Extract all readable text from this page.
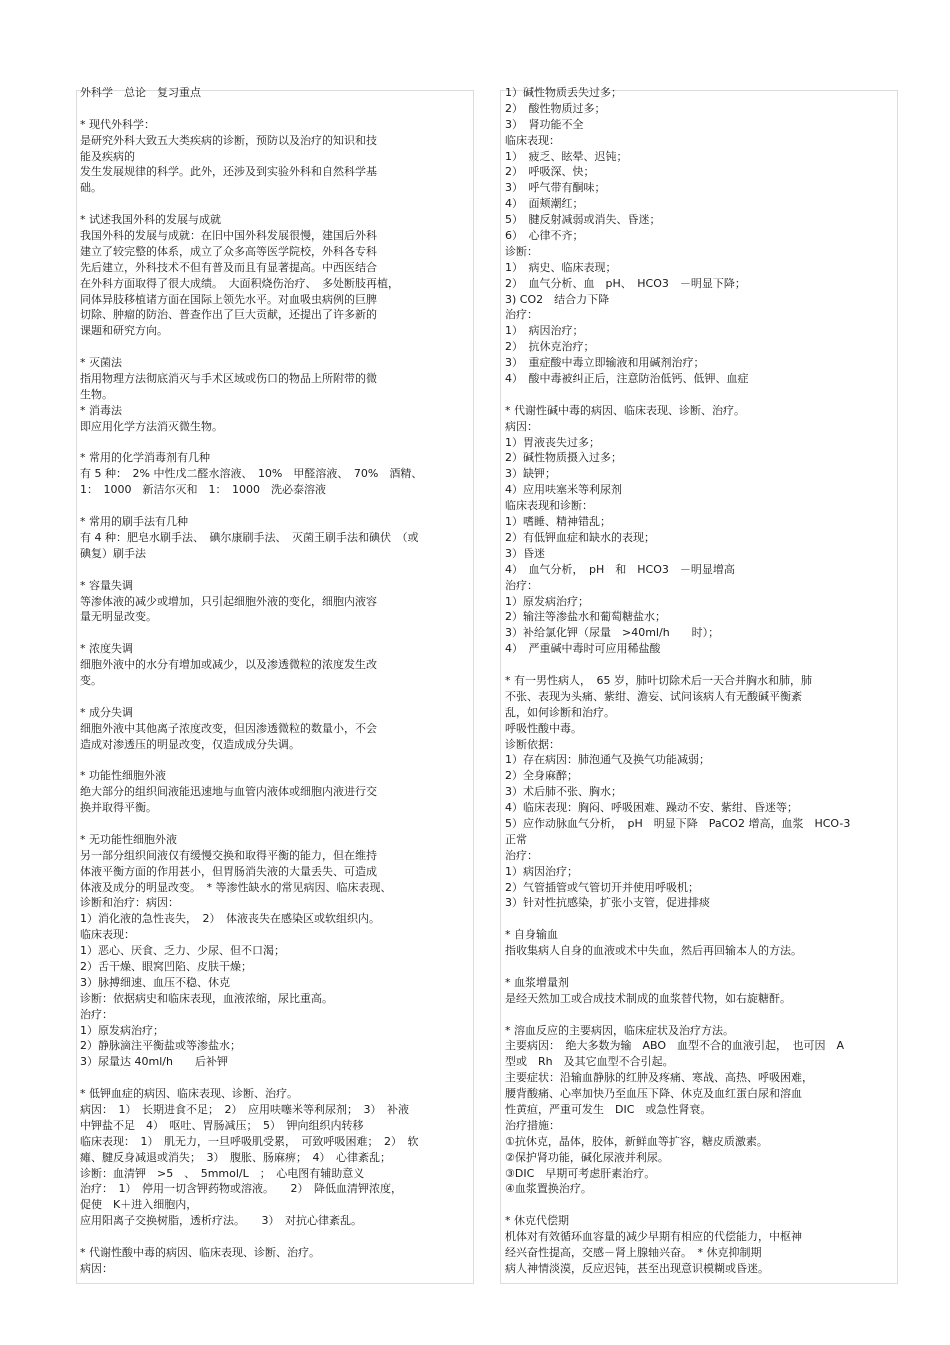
外科学　总论　复习重点
* 现代外科学：
是研究外科大致五大类疾病的诊断，预防以及治疗的知识和技
能及疾病的
发生发展规律的科学。此外，还涉及到实验外科和自然科学基
础。
* 试述我国外科的发展与成就
我国外科的发展与成就：在旧中国外科发展很慢，建国后外科
建立了较完整的体系，成立了众多高等医学院校，外科各专科
先后建立，外科技术不但有普及而且有显著提高。中西医结合
在外科方面取得了很大成绩。　大面积烧伤治疗、　多处断肢再植，
同体异肢移植诸方面在国际上领先水平。对血吸虫病例的巨脾
切除、肿瘤的防治、普查作出了巨大贡献，还提出了许多新的
课题和研究方向。
* 灭菌法
指用物理方法彻底消灭与手术区域或伤口的物品上所附带的微
生物。
* 消毒法
即应用化学方法消灭微生物。
* 常用的化学消毒剂有几种
有 5 种：　2% 中性戊二醛水溶液、　10%　甲醛溶液、　70%　酒精、
1：　1000　新洁尔灭和　1：　1000　洗必泰溶液
* 常用的刷手法有几种
有 4 种：肥皂水刷手法、　碘尔康刷手法、　灭菌王刷手法和碘伏　（或
碘复）刷手法
* 容量失调
等渗体液的减少或增加，只引起细胞外液的变化，细胞内液容
量无明显改变。
* 浓度失调
细胞外液中的水分有增加或减少，以及渗透微粒的浓度发生改
变。
* 成分失调
细胞外液中其他离子浓度改变，但因渗透微粒的数量小，不会
造成对渗透压的明显改变，仅造成成分失调。
* 功能性细胞外液
绝大部分的组织间液能迅速地与血管内液体或细胞内液进行交
换并取得平衡。
* 无功能性细胞外液
另一部分组织间液仅有缓慢交换和取得平衡的能力，但在维持
体液平衡方面的作用甚小，但胃肠消失液的大量丢失、可造成
体液及成分的明显改变。　* 等渗性缺水的常见病因、临床表现、
诊断和治疗：病因：
1）消化液的急性丧失，　2）　体液丧失在感染区或软组织内。
临床表现：
1）恶心、厌食、乏力、少尿、但不口渴；
2）舌干燥、眼窝凹陷、皮肤干燥；
3）脉搏细速、血压不稳、休克
诊断：依据病史和临床表现，血液浓缩，尿比重高。
治疗：
1）原发病治疗；
2）静脉滴注平衡盐或等渗盐水；
3）尿量达 40ml/h　　后补钾
* 低钾血症的病因、临床表现、诊断、治疗。
病因：　1）　长期进食不足；　2）　应用呋噻米等利尿剂；　3）　补液
中钾盐不足　4）　呕吐、胃肠减压；　5）　钾向组织内转移
临床表现：　1）　肌无力，一旦呼吸肌受累，　可致呼吸困难；　2）　软
瘫、腱反身减退或消失；　3）　腹胀、肠麻痹；　4）　心律紊乱；
诊断：血清钾　>5　、　5mmol/L　；　心电图有辅助意义
治疗：　1）　停用一切含钾药物或溶液。　　2）　降低血清钾浓度，
促使　K＋进入细胞内，
应用阳离子交换树脂，透析疗法。　　3）　对抗心律紊乱。
* 代谢性酸中毒的病因、临床表现、诊断、治疗。
病因：
1）碱性物质丢失过多；
2）　酸性物质过多；
3）　肾功能不全
临床表现：
1）　疲乏、眩晕、迟钝；
2）　呼吸深、快；
3）　呼气带有酮味；
4）　面颊潮红；
5）　腱反射减弱或消失、昏迷；
6）　心律不齐；
诊断：
1）　病史、临床表现；
2）　血气分析、血　pH、　HCO3　－明显下降；
3) CO2　结合力下降
治疗：
1）　病因治疗；
2）　抗休克治疗；
3）　重症酸中毒立即输液和用碱剂治疗；
4）　酸中毒被纠正后，注意防治低钙、低钾、血症
* 代谢性碱中毒的病因、临床表现、诊断、治疗。
病因：
1）胃液丧失过多；
2）碱性物质摄入过多；
3）缺钾；
4）应用呋塞米等利尿剂
临床表现和诊断：
1）嗜睡、精神错乱；
2）有低钾血症和缺水的表现；
3）昏迷
4）　血气分析，　pH　和　HCO3　－明显增高
治疗：
1）原发病治疗；
2）输注等渗盐水和葡萄糖盐水；
3）补给氯化钾（尿量　>40ml/h　　时）；
4）　严重碱中毒时可应用稀盐酸
* 有一男性病人，　65 岁，肺叶切除术后一天合并胸水和肺，肺
不张、表现为头痛、紫绀、澹妄、试问该病人有无酸碱平衡紊
乱，如何诊断和治疗。
呼吸性酸中毒。
诊断依据：
1）存在病因：肺泡通气及换气功能减弱；
2）全身麻醉；
3）术后肺不张、胸水；
4）临床表现：胸闷、呼吸困难、躁动不安、紫绀、昏迷等；
5）应作动脉血气分析，　pH　明显下降　PaCO2 增高，血浆　HCO-3
正常
治疗：
1）病因治疗；
2）气管插管或气管切开并使用呼吸机；
3）针对性抗感染，扩张小支管，促进排痰
* 自身输血
指收集病人自身的血液或术中失血，然后再回输本人的方法。
* 血浆增量剂
是经天然加工或合成技术制成的血浆替代物，如右旋糖酐。
* 溶血反应的主要病因，临床症状及治疗方法。
主要病因：　绝大多数为输　ABO　血型不合的血液引起，　也可因　A
型或　Rh　及其它血型不合引起。
主要症状：沿输血静脉的红肿及疼痛、寒战、高热、呼吸困难，
腰背酸痛、心率加快乃至血压下降、休克及血红蛋白尿和溶血
性黄疸，严重可发生　DIC　或急性肾衰。
治疗措施：
①抗休克，晶体，胶体，新鲜血等扩容，糖皮质激素。
②保护肾功能，碱化尿液并利尿。
③DIC　早期可考虑肝素治疗。
④血浆置换治疗。
* 休克代偿期
机体对有效循环血容量的减少早期有相应的代偿能力，中枢神
经兴奋性提高，交感－肾上腺轴兴奋。　* 休克抑制期
病人神情淡漠，反应迟钝，甚至出现意识模糊或昏迷。
